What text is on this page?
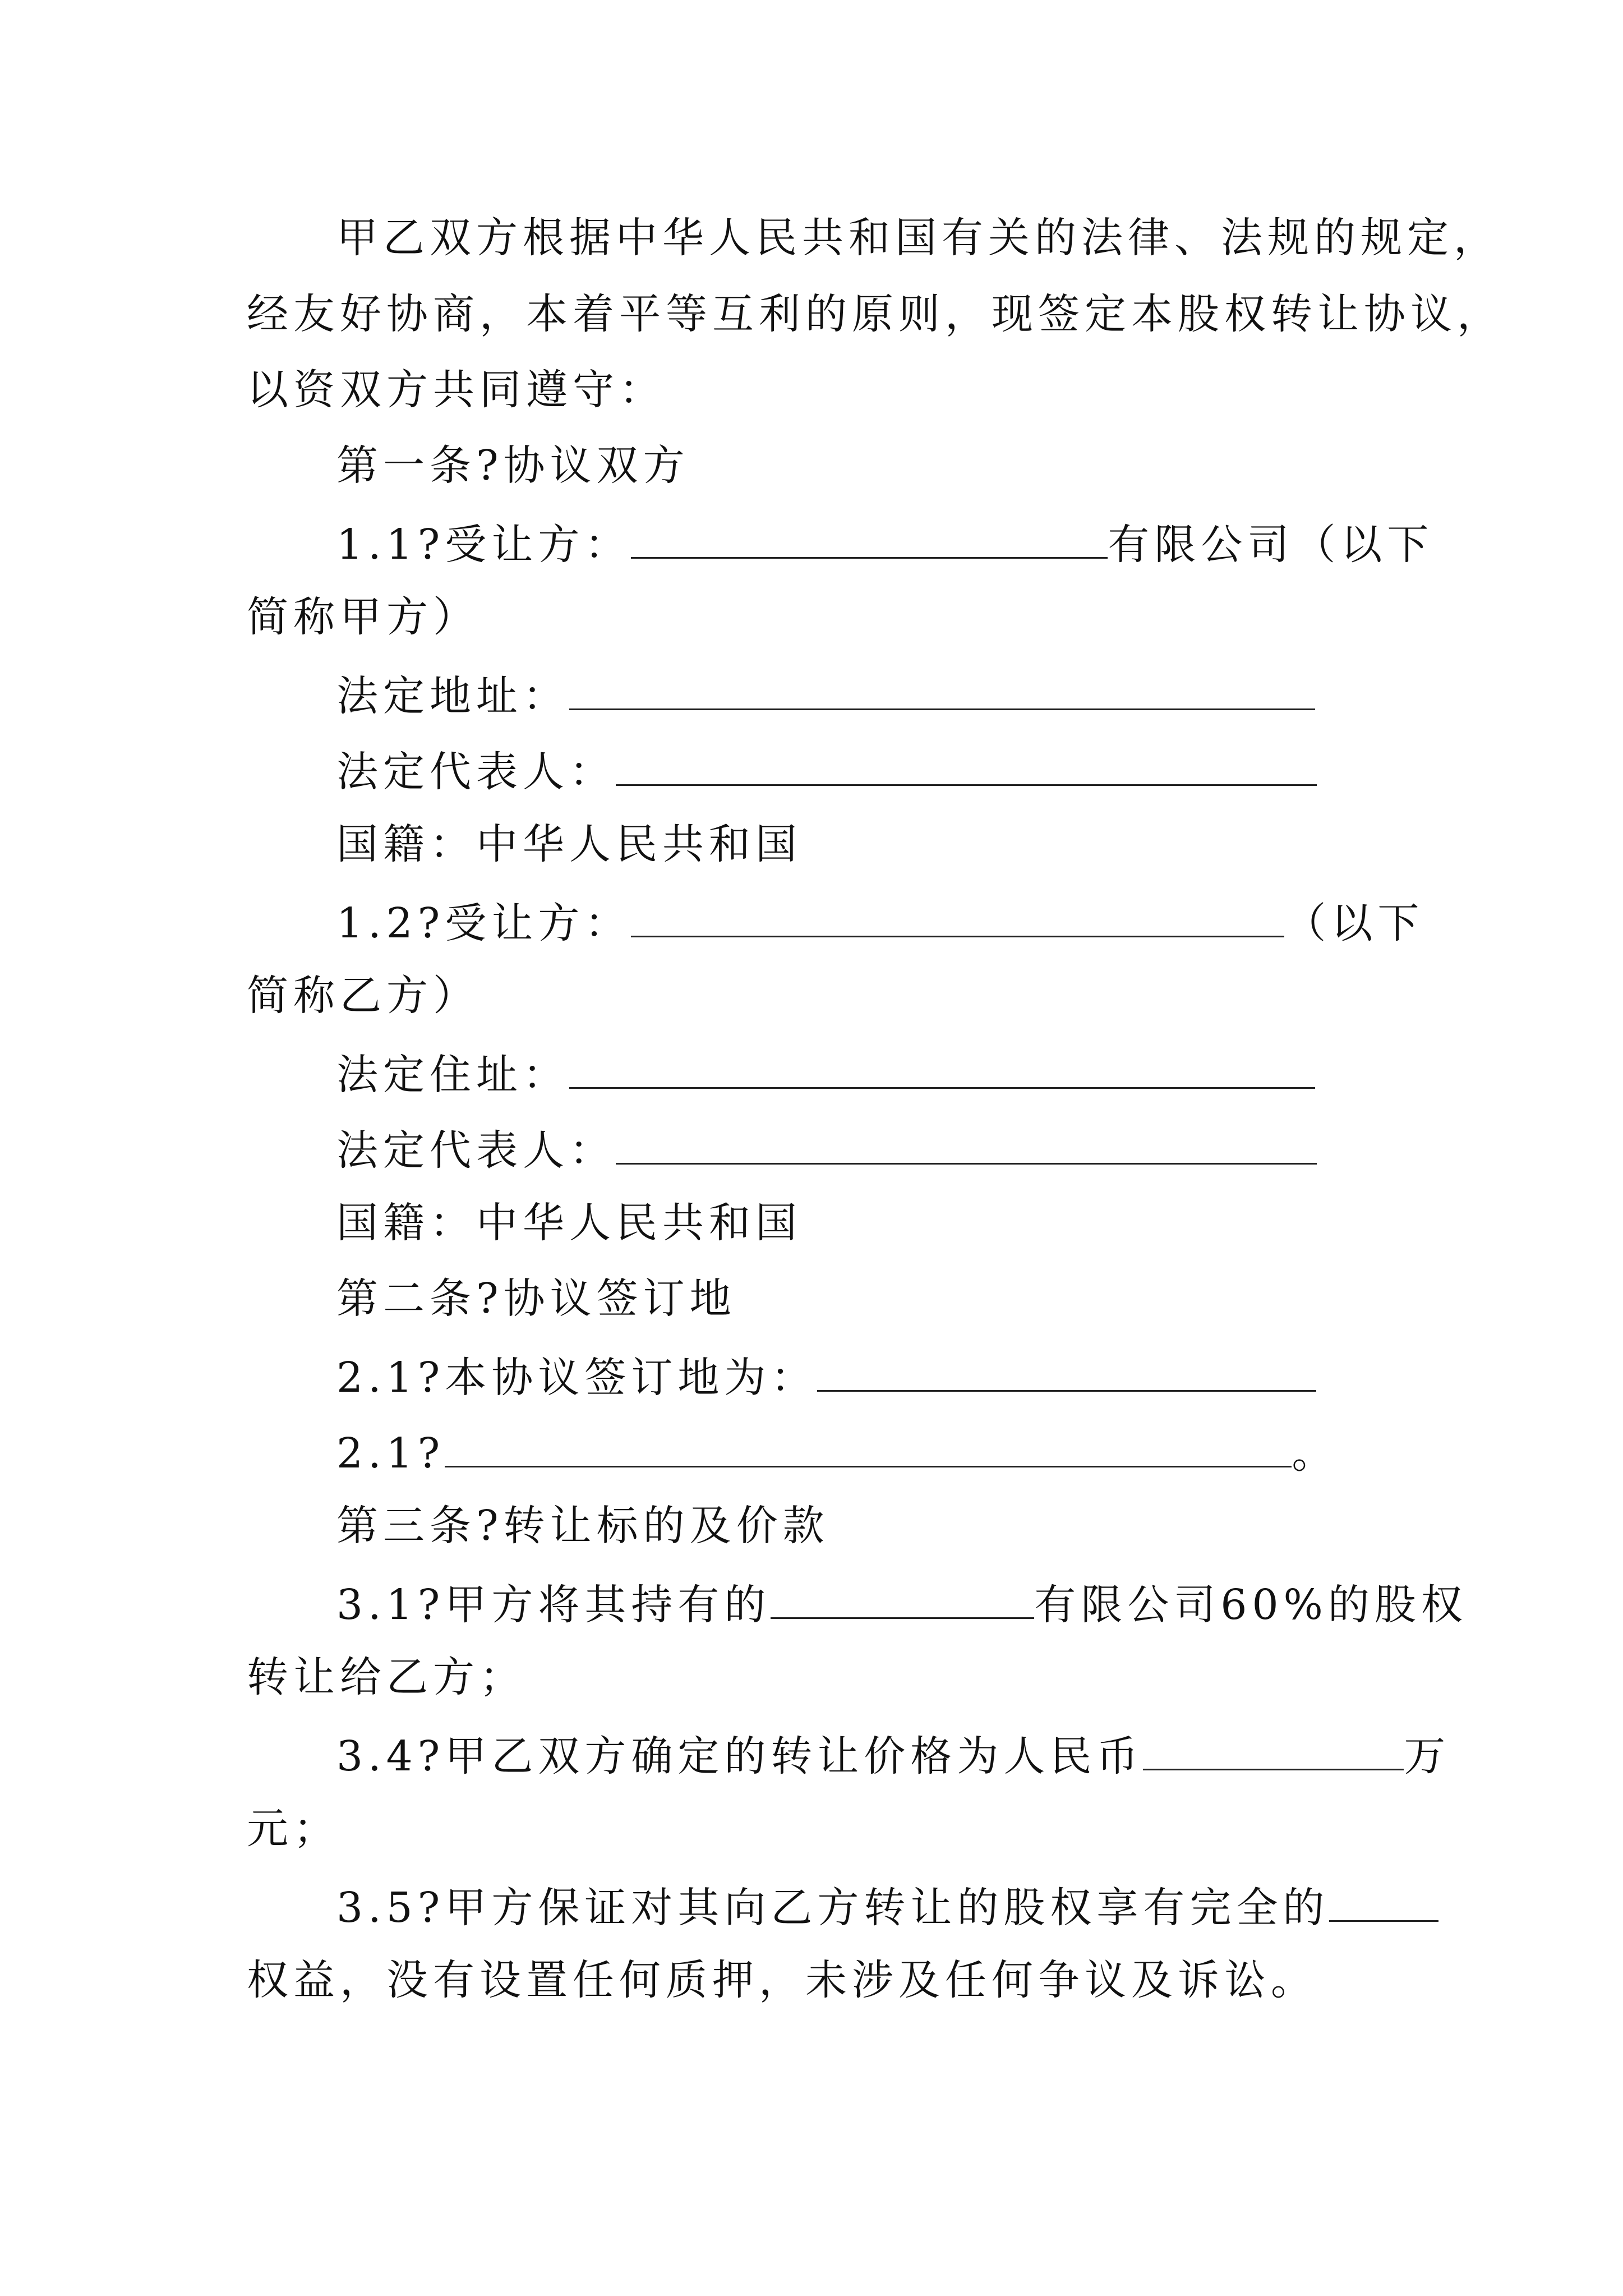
甲乙双方根据中华人民共和国有关的法律、法规的规定，
经友好协商，本着平等互利的原则，现签定本股权转让协议，
以资双方共同遵守：
第一条?协议双方
1.1?受让方：	有限公司（以下
简称甲方）
法定地址：
法定代表人：
国籍：中华人民共和国
1.2?受让方：	（以下
简称乙方）
法定住址：
法定代表人：
国籍：中华人民共和国
第二条?协议签订地
2.1?本协议签订地为：
2.1?	。
第三条?转让标的及价款
3.1?甲方将其持有的	有限公司60%的股权
转让给乙方；
3.4?甲乙双方确定的转让价格为人民币	万
元；
3.5?甲方保证对其向乙方转让的股权享有完全的
权益，没有设置任何质押，未涉及任何争议及诉讼。
